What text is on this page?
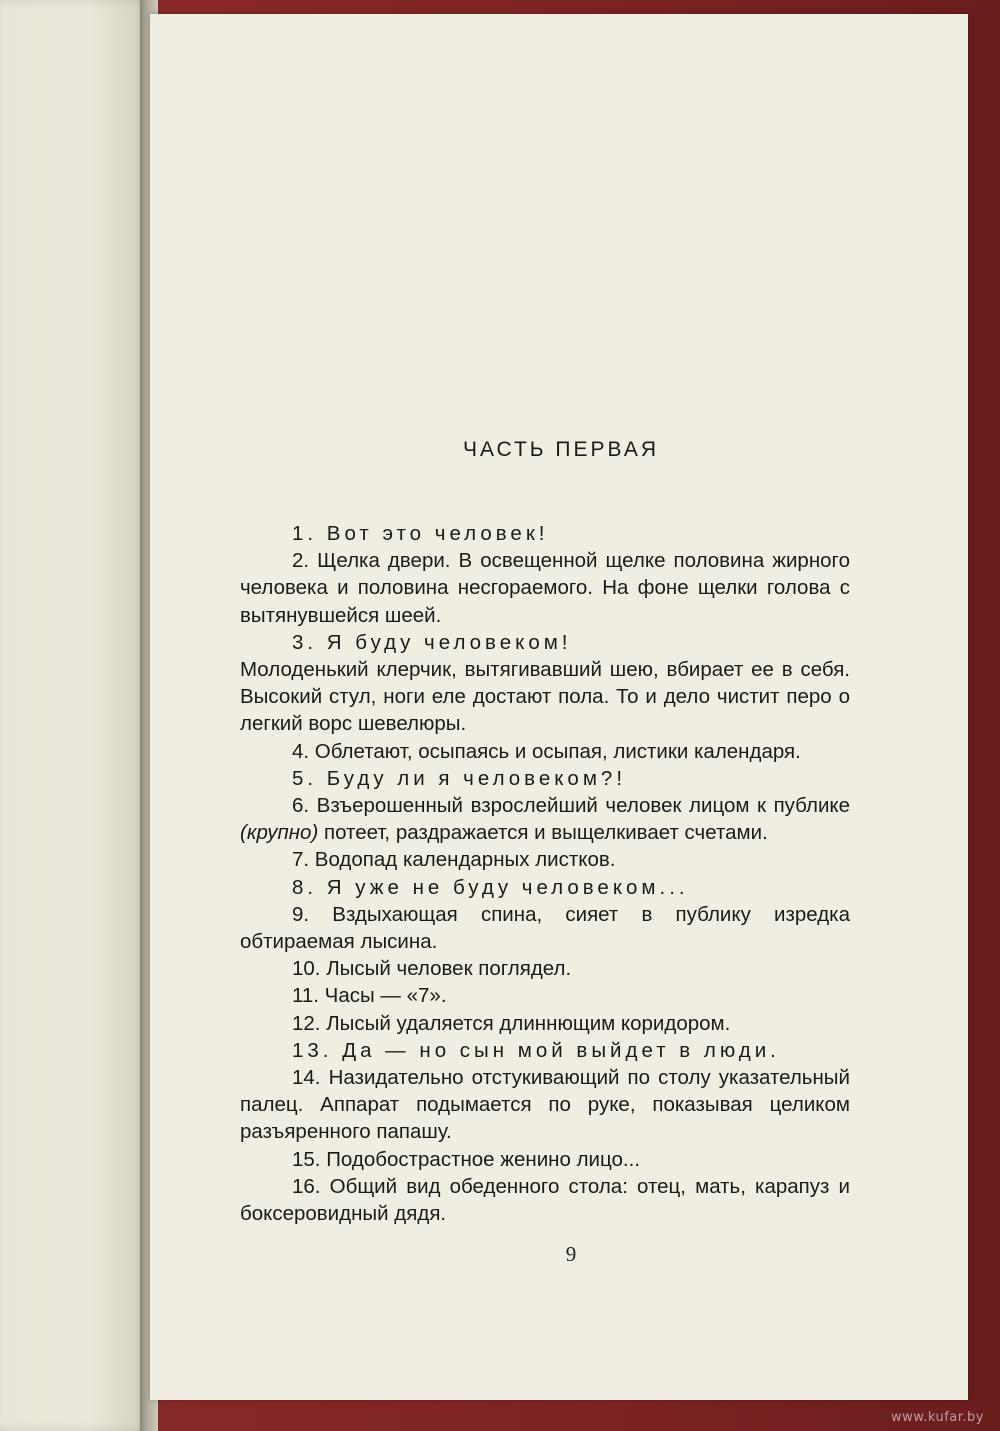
ЧАСТЬ ПЕРВАЯ

1. Вот это человек!

2. Щелка двери. В освещенной щелке половина жирного человека и половина несгораемого. На фоне щелки голова с вытянувшейся шеей.

3. Я буду человеком!

Молоденький клерчик, вытягивавший шею, вбирает ее в себя. Высокий стул, ноги еле достают пола. То и дело чистит перо о легкий ворс шевелюры.

4. Облетают, осыпаясь и осыпая, листики календаря.

5. Буду ли я человеком?!

6. Взъерошенный взрослейший человек лицом к публике (крупно) потеет, раздражается и выщелкивает счетами.

7. Водопад календарных листков.

8. Я уже не буду человеком...

9. Вздыхающая спина, сияет в публику изредка обтираемая лысина.

10. Лысый человек поглядел.

11. Часы — «7».

12. Лысый удаляется длиннющим коридором.

13. Да — но сын мой выйдет в люди.

14. Назидательно отстукивающий по столу указательный палец. Аппарат подымается по руке, показывая целиком разъяренного папашу.

15. Подобострастное женино лицо...

16. Общий вид обеденного стола: отец, мать, карапуз и боксеровидный дядя.

9
www.kufar.by
